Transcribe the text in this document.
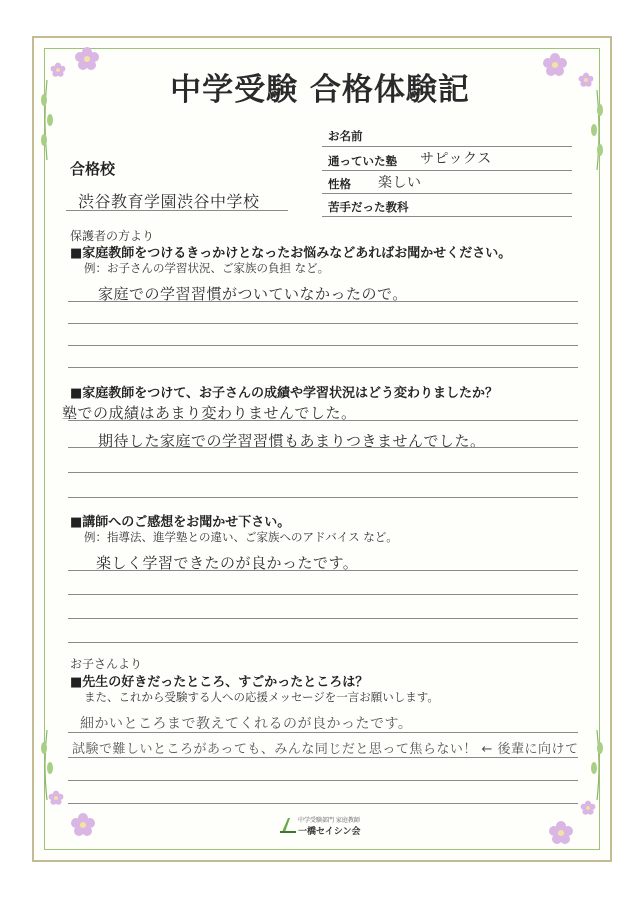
中学受験 合格体験記
お名前
通っていた塾 サピックス
性格 楽しい
苦手だった教科
合格校
渋谷教育学園渋谷中学校
保護者の方より
■家庭教師をつけるきっかけとなったお悩みなどあればお聞かせください。
例：お子さんの学習状況、ご家族の負担 など。
家庭での学習習慣がついていなかったので。
■家庭教師をつけて、お子さんの成績や学習状況はどう変わりましたか？
塾での成績はあまり変わりませんでした。
期待した家庭での学習習慣もあまりつきませんでした。
■講師へのご感想をお聞かせ下さい。
例：指導法、進学塾との違い、ご家族へのアドバイス など。
楽しく学習できたのが良かったです。
お子さんより
■先生の好きだったところ、すごかったところは？
また、これから受験する人への応援メッセージを一言お願いします。
細かいところまで教えてくれるのが良かったです。
試験で難しいところがあっても、みんな同じだと思って焦らない！ ← 後輩に向けて
中学受験部門 家庭教師
一橋セイシン会
